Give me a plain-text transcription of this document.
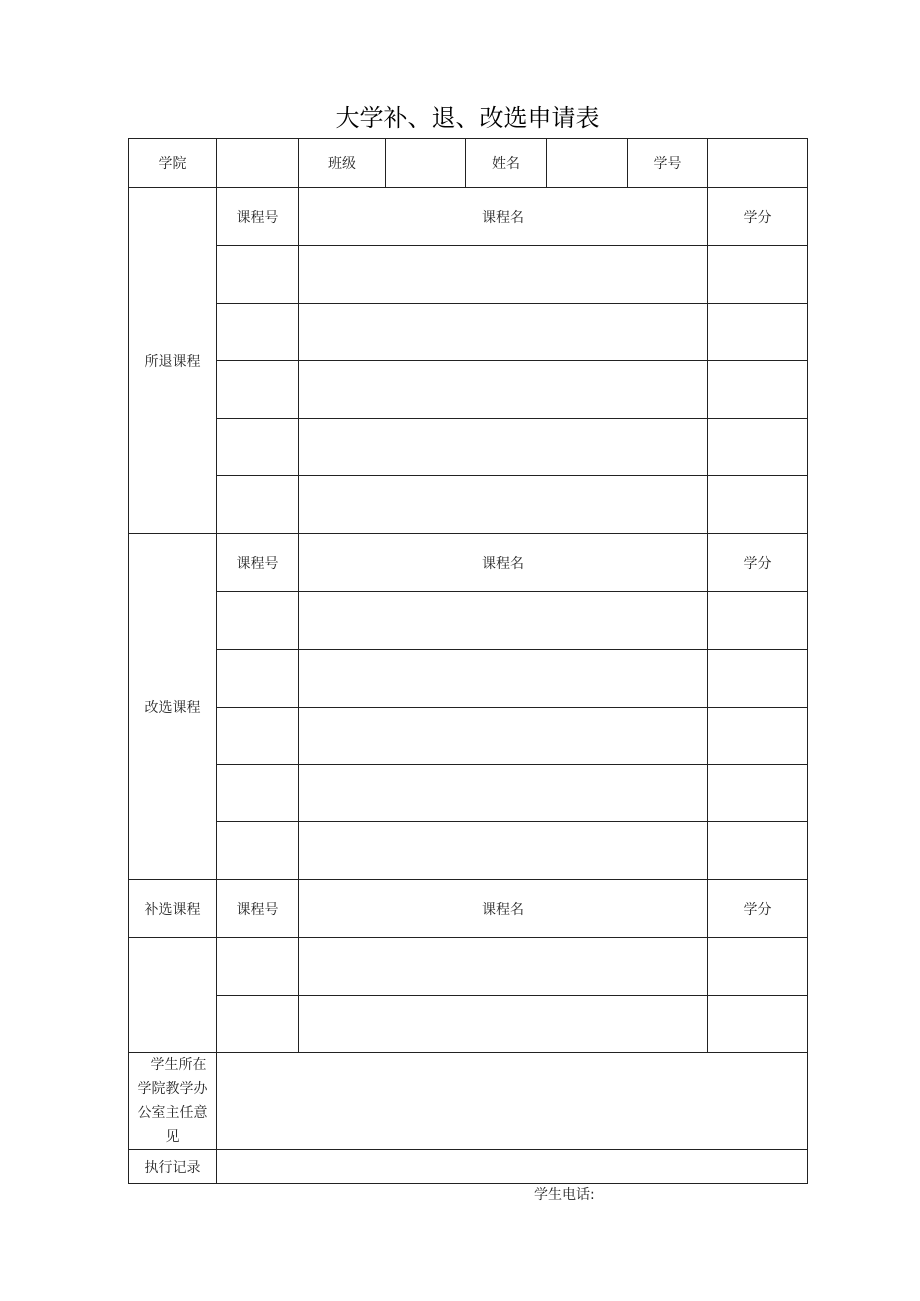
大学补、退、改选申请表
学院		班级		姓名		学号	
所退课程	课程号	课程名					学分

改选课程	课程号	课程名					学分

补选课程	课程号	课程名					学分

学生所在
学院教学办
公室主任意
见							

执行记录							
学生电话:
